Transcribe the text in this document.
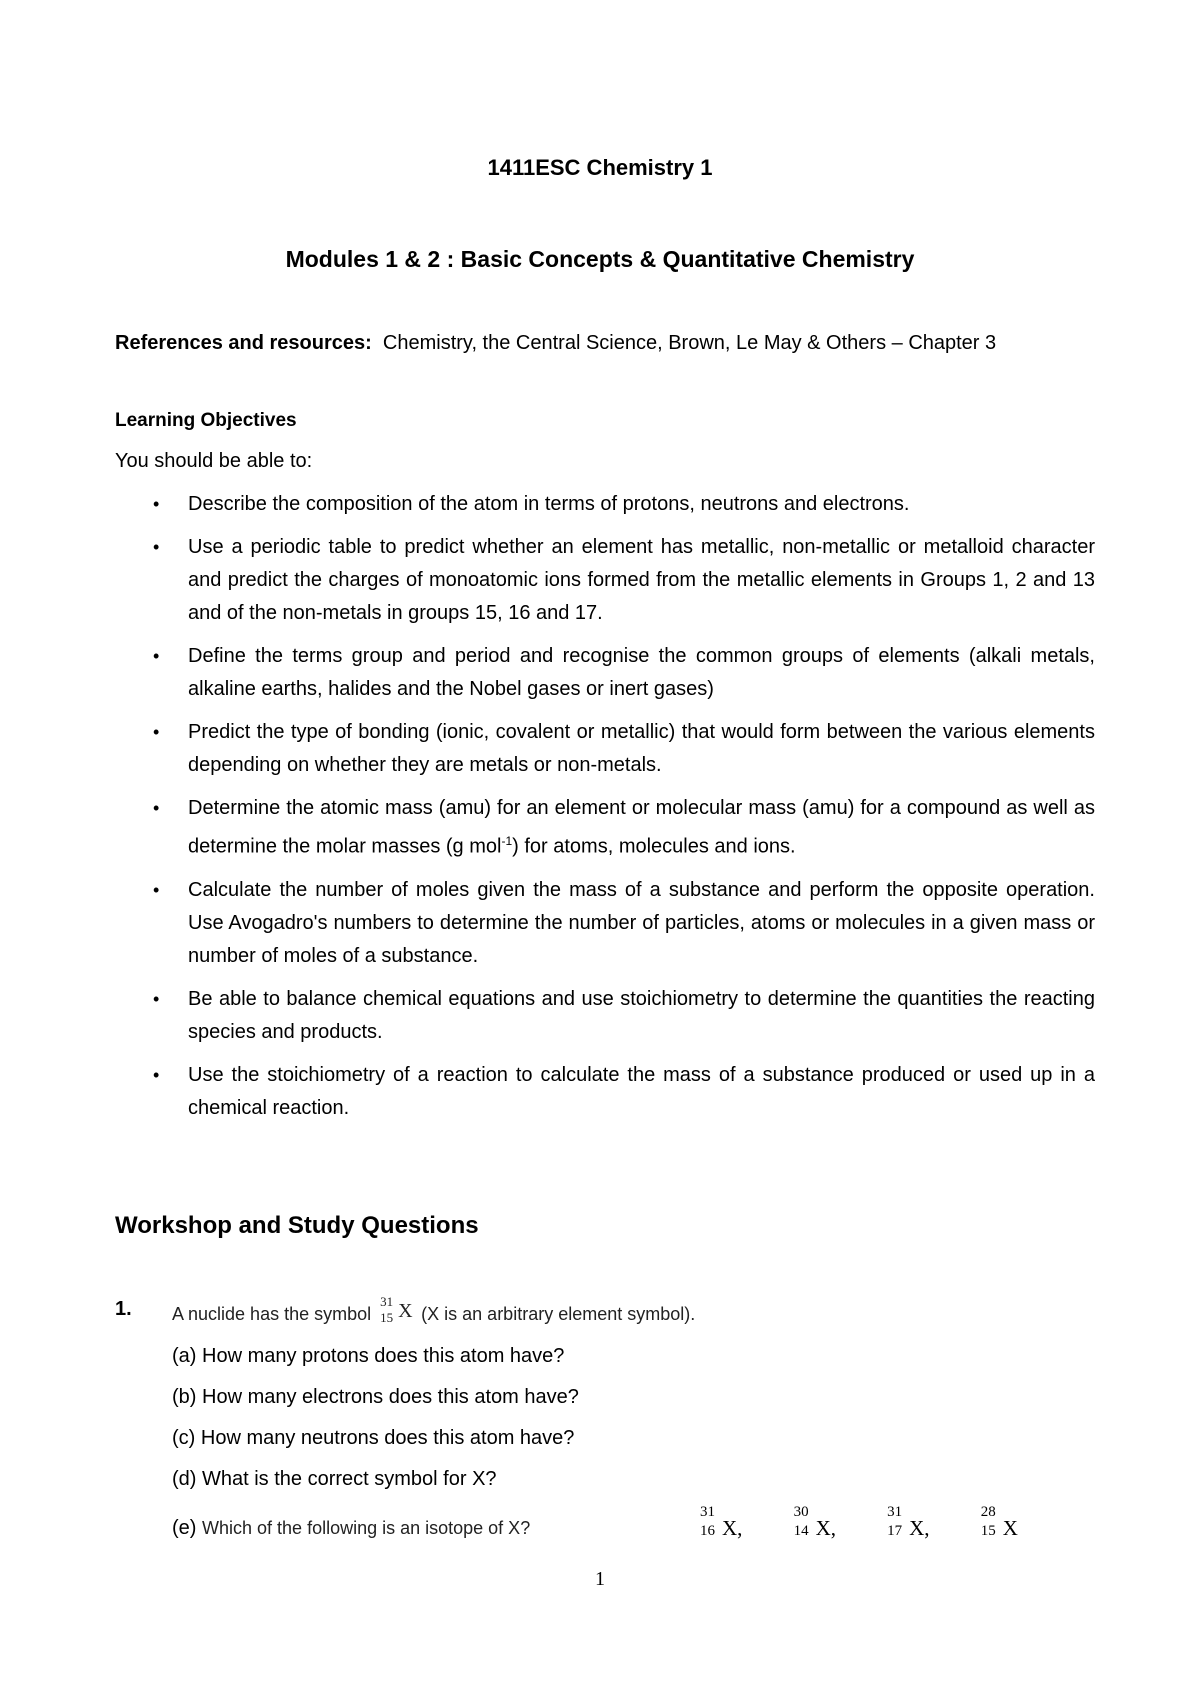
1411ESC Chemistry 1
Modules 1 & 2 : Basic Concepts & Quantitative Chemistry
References and resources: Chemistry, the Central Science, Brown, Le May & Others – Chapter 3
Learning Objectives
You should be able to:
• Describe the composition of the atom in terms of protons, neutrons and electrons.
• Use a periodic table to predict whether an element has metallic, non-metallic or metalloid character and predict the charges of monoatomic ions formed from the metallic elements in Groups 1, 2 and 13 and of the non-metals in groups 15, 16 and 17.
• Define the terms group and period and recognise the common groups of elements (alkali metals, alkaline earths, halides and the Nobel gases or inert gases)
• Predict the type of bonding (ionic, covalent or metallic) that would form between the various elements depending on whether they are metals or non-metals.
• Determine the atomic mass (amu) for an element or molecular mass (amu) for a compound as well as determine the molar masses (g mol$^{-1}$) for atoms, molecules and ions.
• Calculate the number of moles given the mass of a substance and perform the opposite operation. Use Avogadro's numbers to determine the number of particles, atoms or molecules in a given mass or number of moles of a substance.
• Be able to balance chemical equations and use stoichiometry to determine the quantities the reacting species and products.
• Use the stoichiometry of a reaction to calculate the mass of a substance produced or used up in a chemical reaction.
Workshop and Study Questions
1. A nuclide has the symbol
31
15 X (X is an arbitrary element symbol).
(a) How many protons does this atom have?
(b) How many electrons does this atom have?
(c) How many neutrons does this atom have?
(d) What is the correct symbol for X?
(e) Which of the following is an isotope of X?
31
16 X,

30
14 X,

31
17 X,

28
15 X
1
